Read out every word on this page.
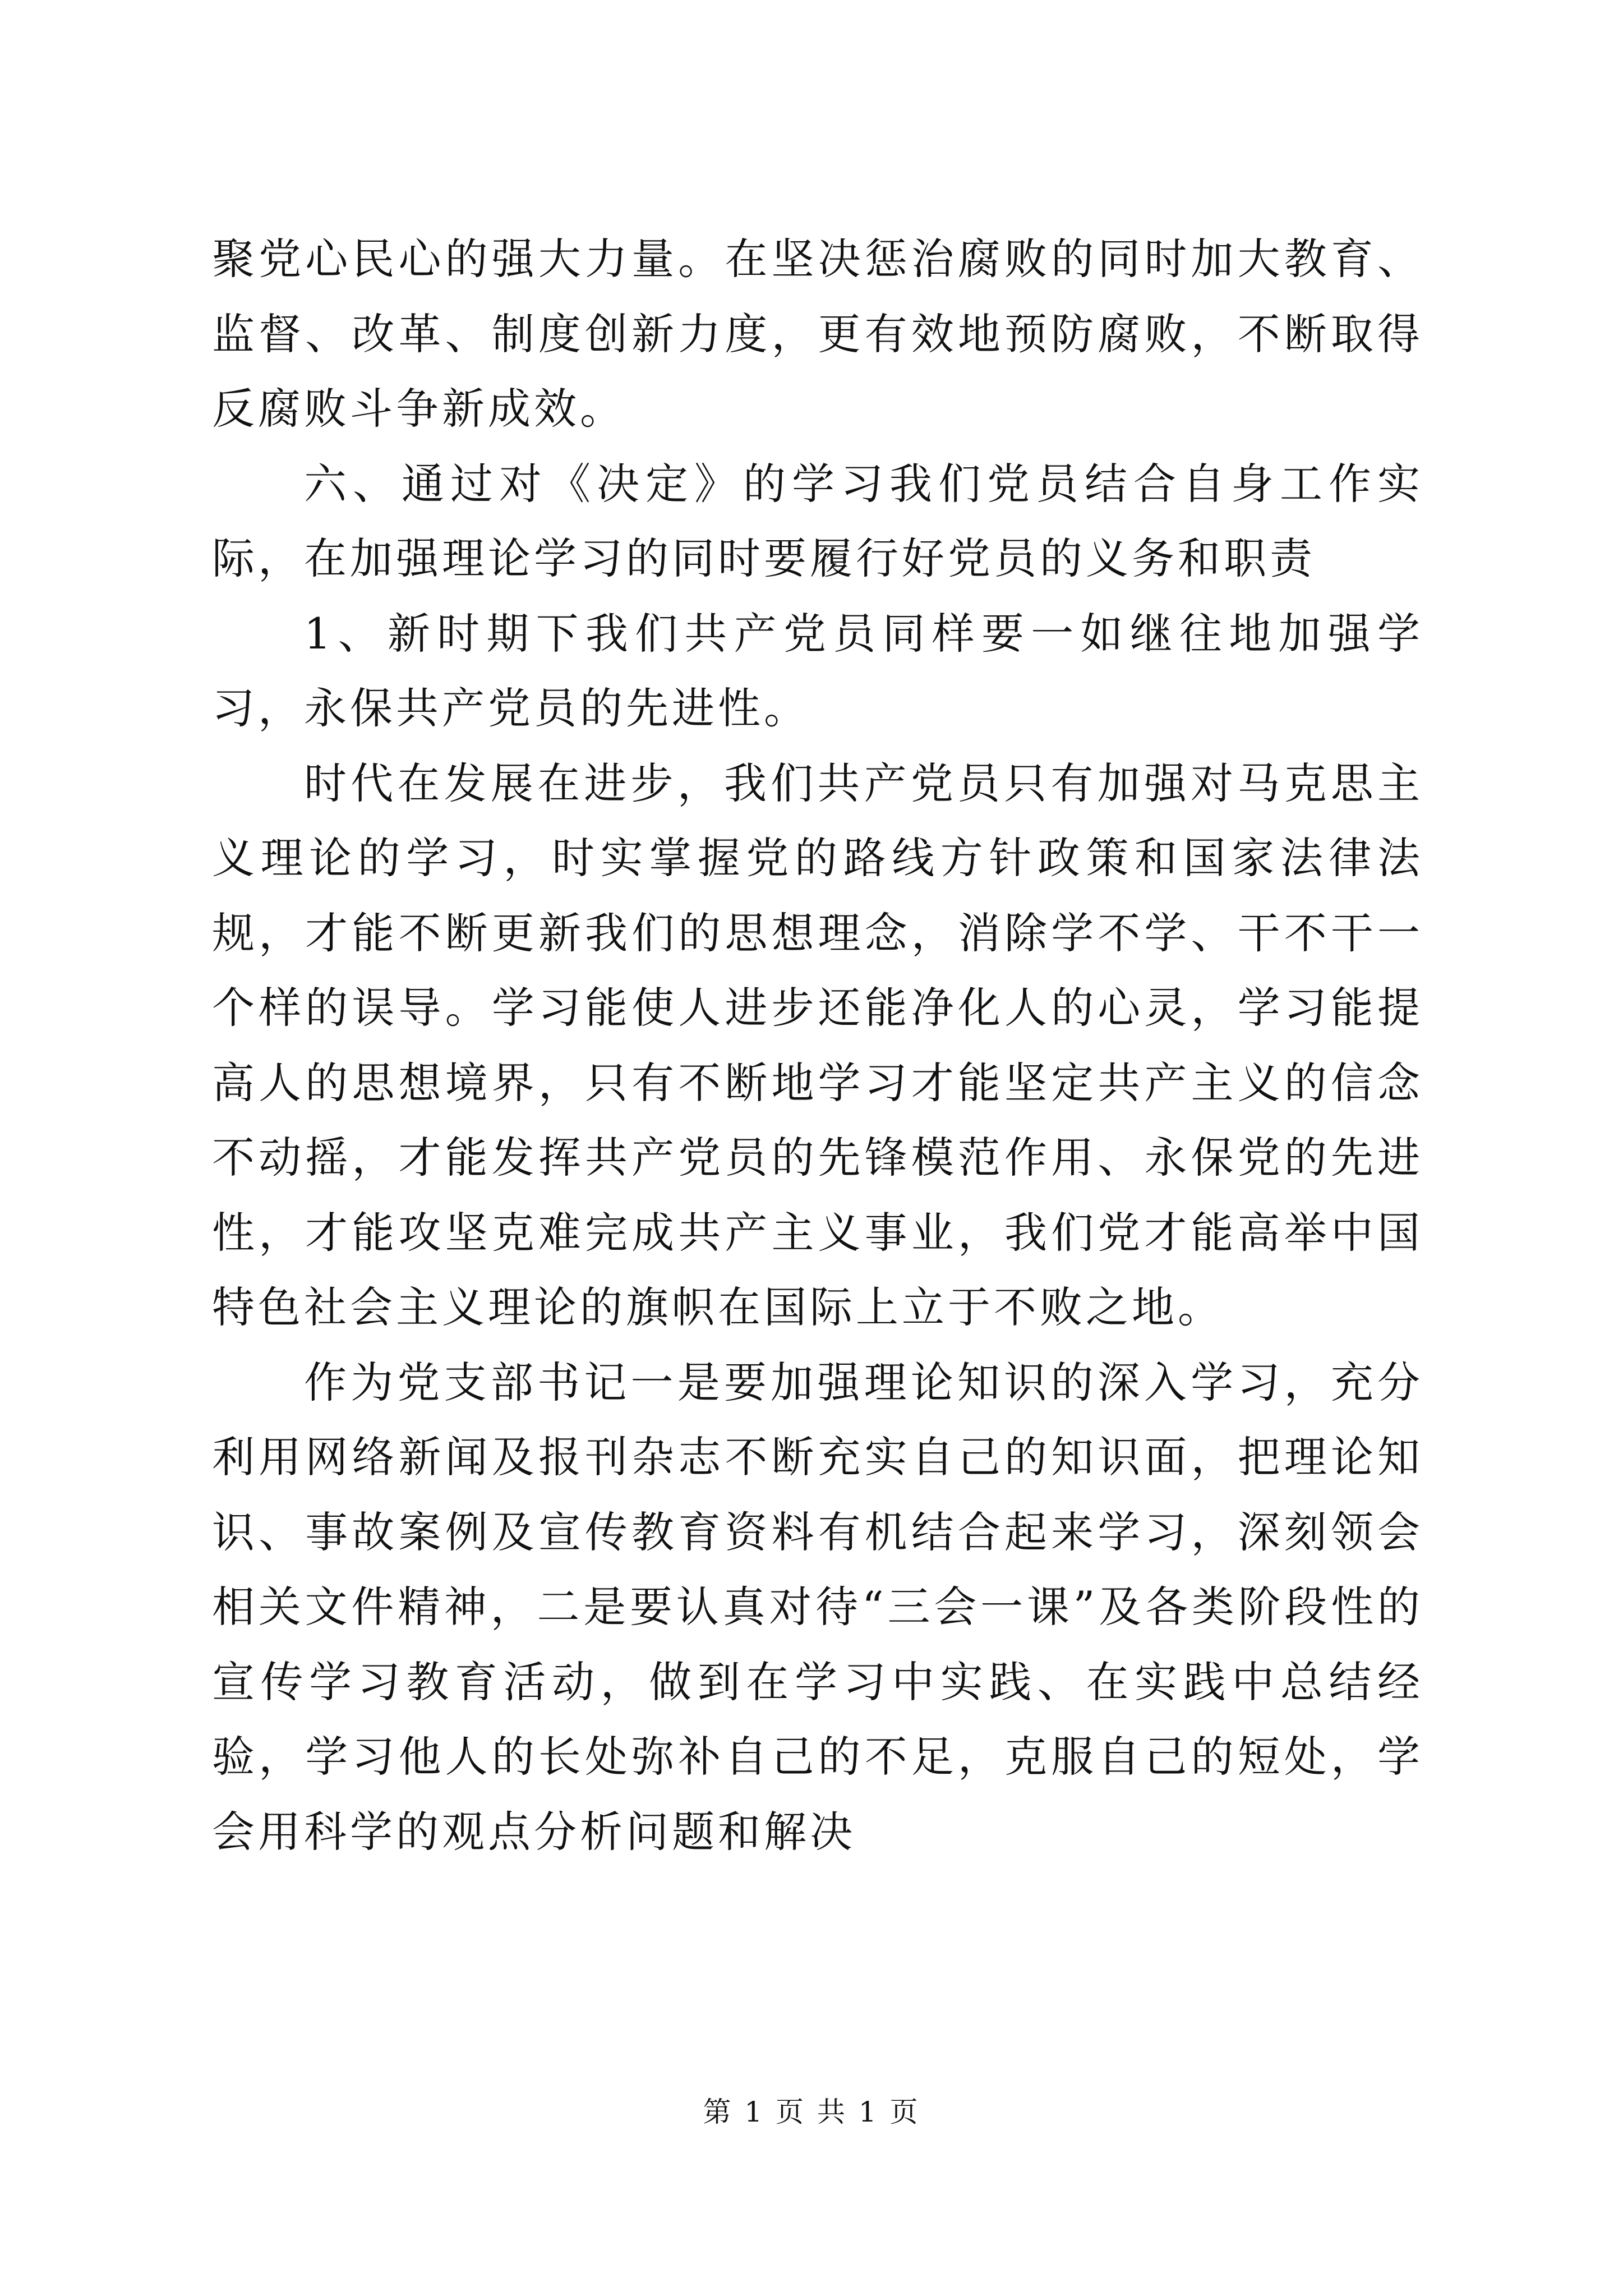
聚党心民心的强大力量。在坚决惩治腐败的同时加大教育、监督、改革、制度创新力度，更有效地预防腐败，不断取得反腐败斗争新成效。

六、通过对《决定》的学习我们党员结合自身工作实际，在加强理论学习的同时要履行好党员的义务和职责

1、新时期下我们共产党员同样要一如继往地加强学习，永保共产党员的先进性。

时代在发展在进步，我们共产党员只有加强对马克思主义理论的学习，时实掌握党的路线方针政策和国家法律法规，才能不断更新我们的思想理念，消除学不学、干不干一个样的误导。学习能使人进步还能净化人的心灵，学习能提高人的思想境界，只有不断地学习才能坚定共产主义的信念不动摇，才能发挥共产党员的先锋模范作用、永保党的先进性，才能攻坚克难完成共产主义事业，我们党才能高举中国特色社会主义理论的旗帜在国际上立于不败之地。

作为党支部书记一是要加强理论知识的深入学习，充分利用网络新闻及报刊杂志不断充实自己的知识面，把理论知识、事故案例及宣传教育资料有机结合起来学习，深刻领会相关文件精神，二是要认真对待“三会一课”及各类阶段性的宣传学习教育活动，做到在学习中实践、在实践中总结经验，学习他人的长处弥补自己的不足，克服自己的短处，学会用科学的观点分析问题和解决

第 1 页 共 1 页
